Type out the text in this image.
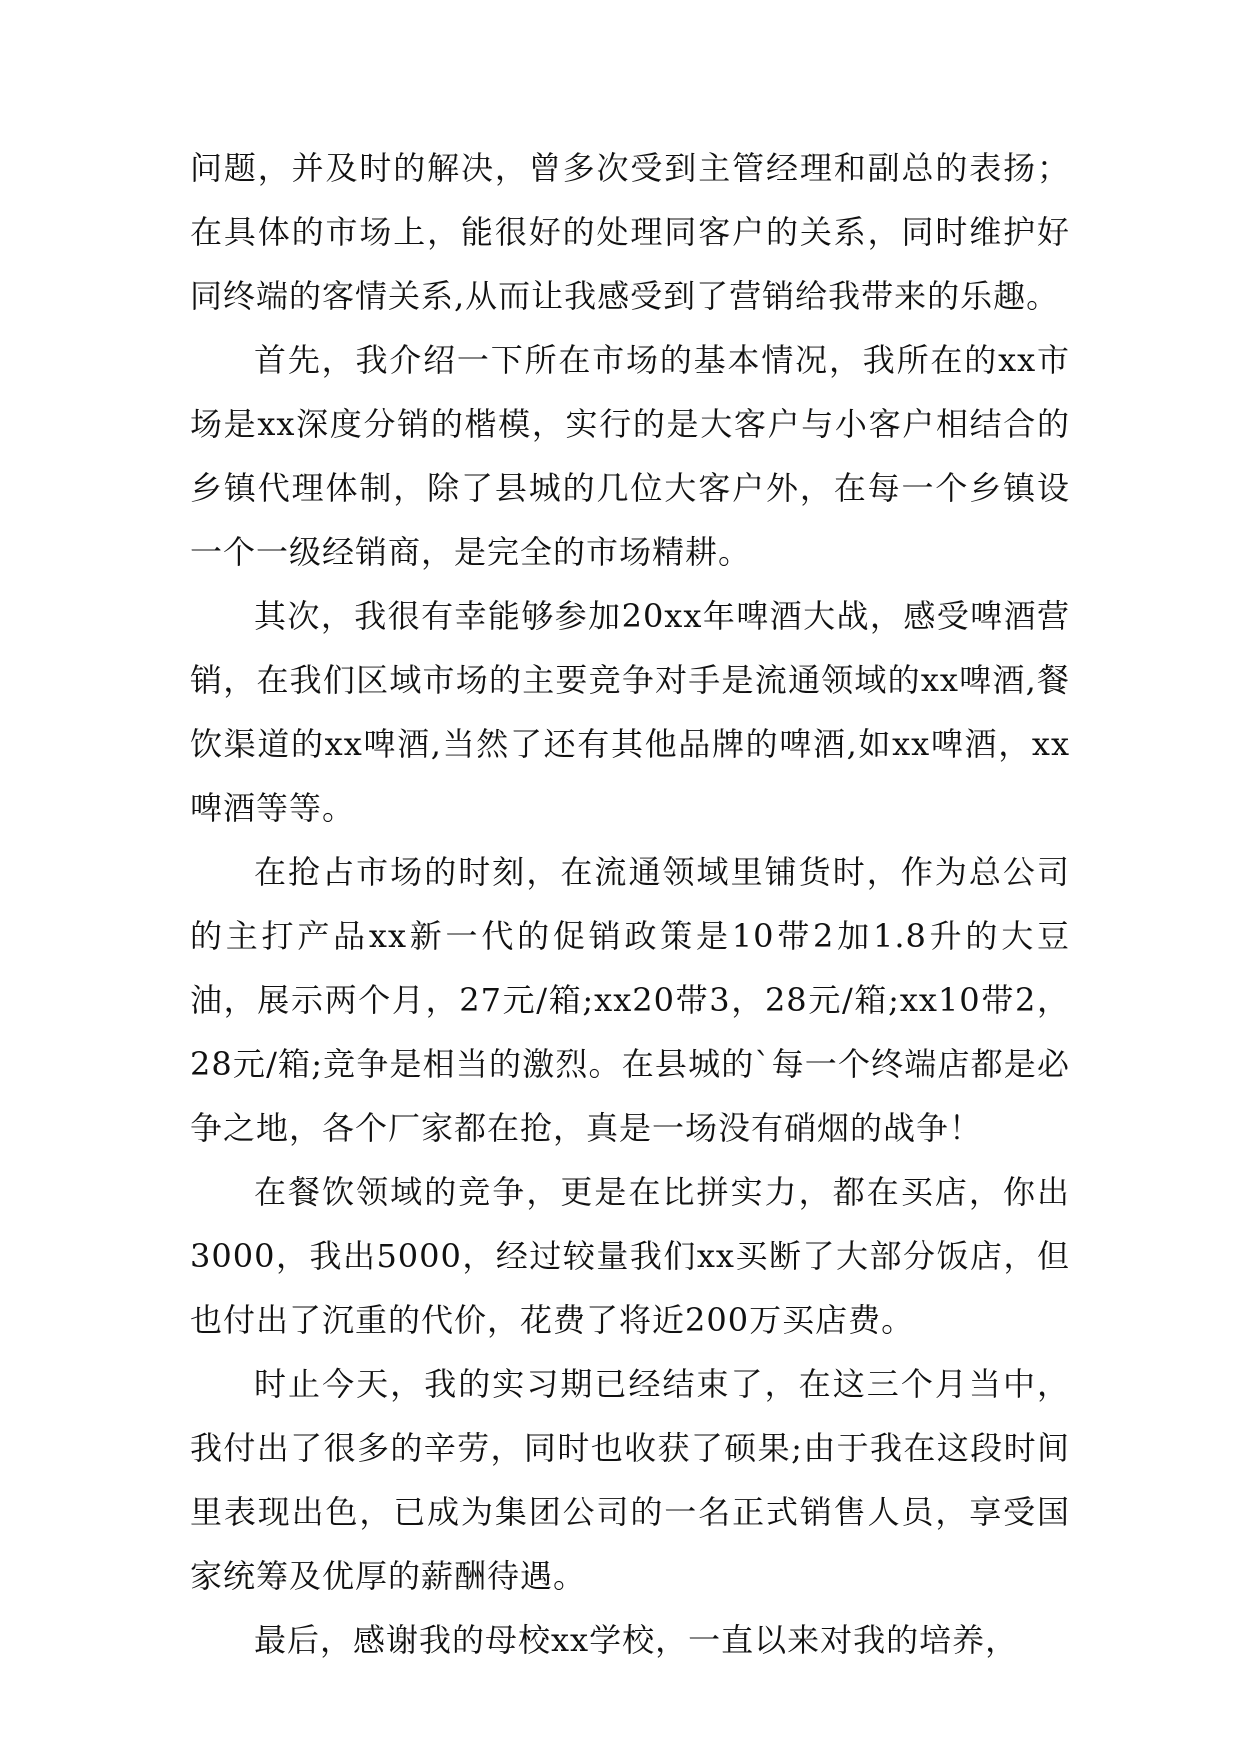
问题，并及时的解决，曾多次受到主管经理和副总的表扬；在具体的市场上，能很好的处理同客户的关系，同时维护好同终端的客情关系,从而让我感受到了营销给我带来的乐趣。

首先，我介绍一下所在市场的基本情况，我所在的xx市场是xx深度分销的楷模，实行的是大客户与小客户相结合的乡镇代理体制，除了县城的几位大客户外，在每一个乡镇设一个一级经销商，是完全的市场精耕。

其次，我很有幸能够参加20xx年啤酒大战，感受啤酒营销，在我们区域市场的主要竞争对手是流通领域的xx啤酒,餐饮渠道的xx啤酒,当然了还有其他品牌的啤酒,如xx啤酒，xx啤酒等等。

在抢占市场的时刻，在流通领域里铺货时，作为总公司的主打产品xx新一代的促销政策是10带2加1.8升的大豆油，展示两个月，27元/箱;xx20带3，28元/箱;xx10带2，28元/箱;竞争是相当的激烈。在县城的`每一个终端店都是必争之地，各个厂家都在抢，真是一场没有硝烟的战争！

在餐饮领域的竞争，更是在比拼实力，都在买店，你出3000，我出5000，经过较量我们xx买断了大部分饭店，但也付出了沉重的代价，花费了将近200万买店费。

时止今天，我的实习期已经结束了，在这三个月当中，我付出了很多的辛劳，同时也收获了硕果;由于我在这段时间里表现出色，已成为集团公司的一名正式销售人员，享受国家统筹及优厚的薪酬待遇。

最后，感谢我的母校xx学校，一直以来对我的培养，
